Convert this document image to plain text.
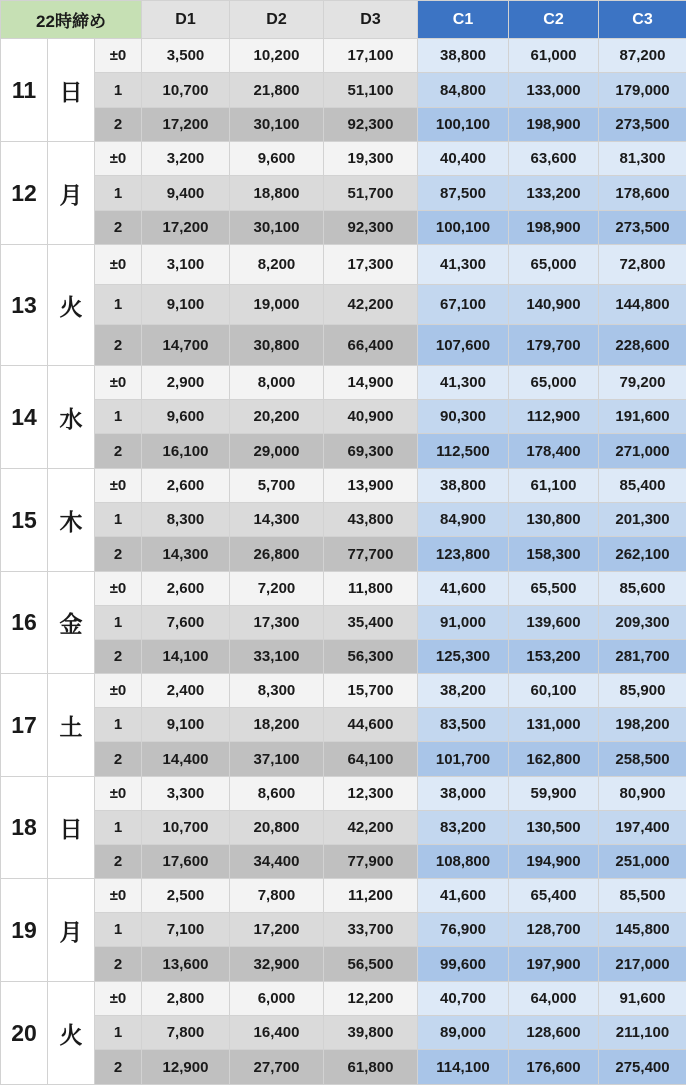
22時締め			D1	D2	D3	C1	C2	C3
11	日	±0	3,500	10,200	17,100	38,800	61,000	87,200
		1	10,700	21,800	51,100	84,800	133,000	179,000
		2	17,200	30,100	92,300	100,100	198,900	273,500
12	月	±0	3,200	9,600	19,300	40,400	63,600	81,300
		1	9,400	18,800	51,700	87,500	133,200	178,600
		2	17,200	30,100	92,300	100,100	198,900	273,500
13	火	±0	3,100	8,200	17,300	41,300	65,000	72,800
		1	9,100	19,000	42,200	67,100	140,900	144,800
		2	14,700	30,800	66,400	107,600	179,700	228,600
14	水	±0	2,900	8,000	14,900	41,300	65,000	79,200
		1	9,600	20,200	40,900	90,300	112,900	191,600
		2	16,100	29,000	69,300	112,500	178,400	271,000
15	木	±0	2,600	5,700	13,900	38,800	61,100	85,400
		1	8,300	14,300	43,800	84,900	130,800	201,300
		2	14,300	26,800	77,700	123,800	158,300	262,100
16	金	±0	2,600	7,200	11,800	41,600	65,500	85,600
		1	7,600	17,300	35,400	91,000	139,600	209,300
		2	14,100	33,100	56,300	125,300	153,200	281,700
17	土	±0	2,400	8,300	15,700	38,200	60,100	85,900
		1	9,100	18,200	44,600	83,500	131,000	198,200
		2	14,400	37,100	64,100	101,700	162,800	258,500
18	日	±0	3,300	8,600	12,300	38,000	59,900	80,900
		1	10,700	20,800	42,200	83,200	130,500	197,400
		2	17,600	34,400	77,900	108,800	194,900	251,000
19	月	±0	2,500	7,800	11,200	41,600	65,400	85,500
		1	7,100	17,200	33,700	76,900	128,700	145,800
		2	13,600	32,900	56,500	99,600	197,900	217,000
20	火	±0	2,800	6,000	12,200	40,700	64,000	91,600
		1	7,800	16,400	39,800	89,000	128,600	211,100
		2	12,900	27,700	61,800	114,100	176,600	275,400
